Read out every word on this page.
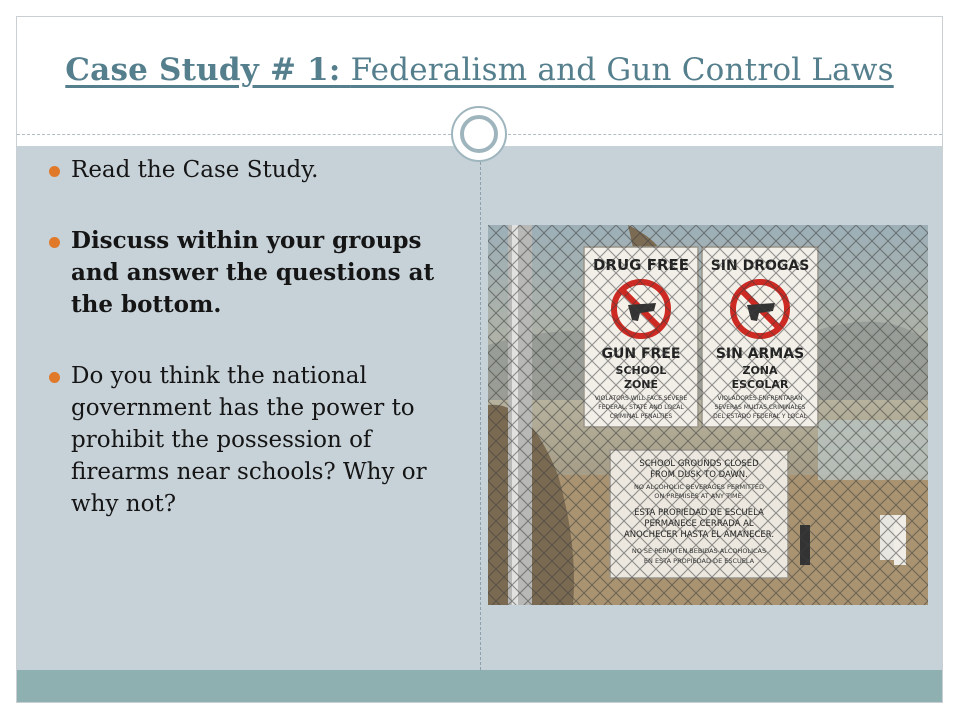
Case Study # 1: Federalism and Gun Control Laws
Read the Case Study.
Discuss within your groups and answer the questions at the bottom.
Do you think the national government has the power to prohibit the possession of firearms near schools? Why or why not?
